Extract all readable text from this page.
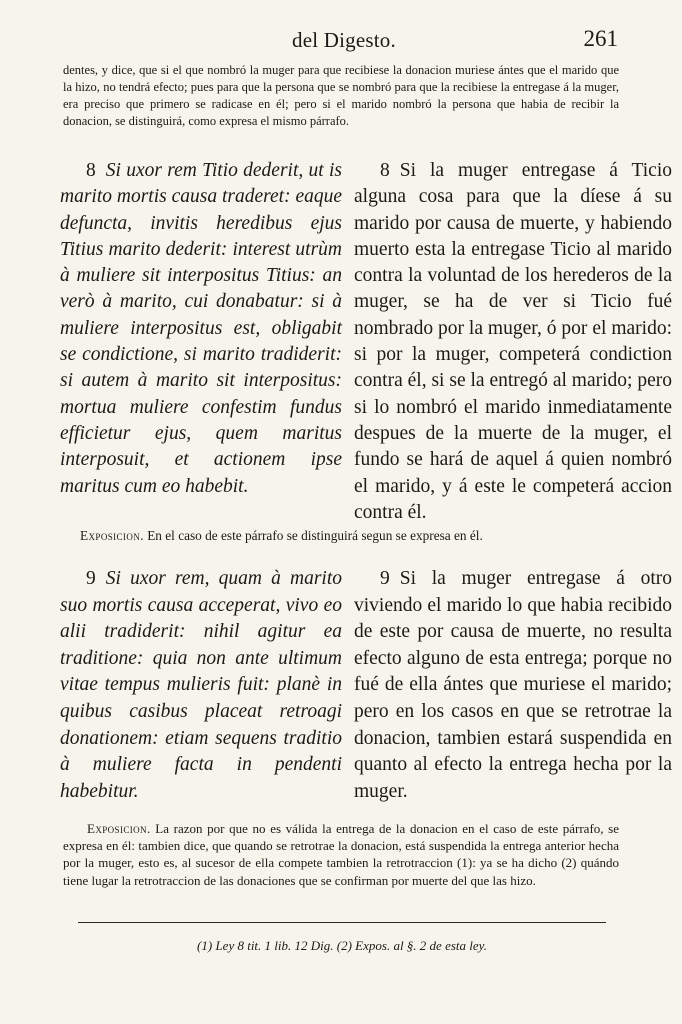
del Digesto.	261
dentes, y dice, que si el que nombró la muger para que recibiese la donacion muriese ántes que el marido que la hizo, no tendrá efecto; pues para que la persona que se nombró para que la recibiese la entregase á la muger, era preciso que primero se radicase en él; pero si el marido nombró la persona que habia de recibir la donacion, se distinguirá, como expresa el mismo párrafo.
8 Si uxor rem Titio dederit, ut is marito mortis causa traderet: eaque defuncta, invitis heredibus ejus Titius marito dederit: interest utrùm à muliere sit interpositus Titius: an verò à marito, cui donabatur: si à muliere interpositus est, obligabit se condictione, si marito tradiderit: si autem à marito sit interpositus: mortua muliere confestim fundus efficietur ejus, quem maritus interposuit, et actionem ipse maritus cum eo habebit.
8 Si la muger entregase á Ticio alguna cosa para que la díese á su marido por causa de muerte, y habiendo muerto esta la entregase Ticio al marido contra la voluntad de los herederos de la muger, se ha de ver si Ticio fué nombrado por la muger, ó por el marido: si por la muger, competerá condiction contra él, si se la entregó al marido; pero si lo nombró el marido inmediatamente despues de la muerte de la muger, el fundo se hará de aquel á quien nombró el marido, y á este le competerá accion contra él.
Exposicion. En el caso de este párrafo se distinguirá segun se expresa en él.
9 Si uxor rem, quam à marito suo mortis causa acceperat, vivo eo alii tradiderit: nihil agitur ea traditione: quia non ante ultimum vitae tempus mulieris fuit: planè in quibus casibus placeat retroagi donationem: etiam sequens traditio à muliere facta in pendenti habebitur.
9 Si la muger entregase á otro viviendo el marido lo que habia recibido de este por causa de muerte, no resulta efecto alguno de esta entrega; porque no fué de ella ántes que muriese el marido; pero en los casos en que se retrotrae la donacion, tambien estará suspendida en quanto al efecto la entrega hecha por la muger.
Exposicion. La razon por que no es válida la entrega de la donacion en el caso de este párrafo, se expresa en él: tambien dice, que quando se retrotrae la donacion, está suspendida la entrega anterior hecha por la muger, esto es, al sucesor de ella compete tambien la retrotraccion (1): ya se ha dicho (2) quándo tiene lugar la retrotraccion de las donaciones que se confirman por muerte del que las hizo.
(1) Ley 8 tit. 1 lib. 12 Dig. (2) Expos. al §. 2 de esta ley.
